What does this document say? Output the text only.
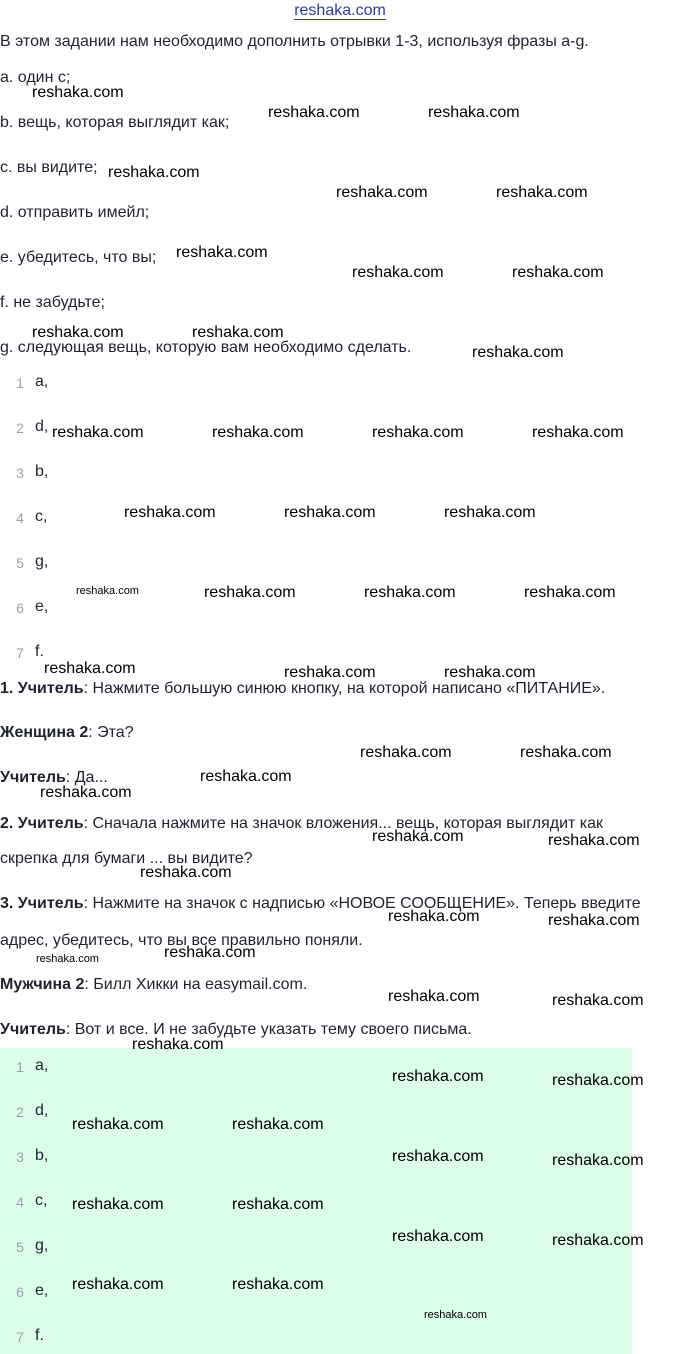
reshaka.com
В этом задании нам необходимо дополнить отрывки 1-3, используя фразы a-g.
a. один с;
b. вещь, которая выглядит как;
c. вы видите;
d. отправить имейл;
e. убедитесь, что вы;
f. не забудьте;
g. следующая вещь, которую вам необходимо сделать.
1 a,
2 d,
3 b,
4 c,
5 g,
6 e,
7 f.
1. Учитель: Нажмите большую синюю кнопку, на которой написано «ПИТАНИЕ».
Женщина 2: Эта?
Учитель: Да...
2. Учитель: Сначала нажмите на значок вложения... вещь, которая выглядит как
скрепка для бумаги ... вы видите?
3. Учитель: Нажмите на значок с надписью «НОВОЕ СООБЩЕНИЕ». Теперь введите
адрес, убедитесь, что вы все правильно поняли.
Мужчина 2: Билл Хикки на easymail.com.
Учитель: Вот и все. И не забудьте указать тему своего письма.
1 a,
2 d,
3 b,
4 c,
5 g,
6 e,
7 f.
reshaka.com
reshaka.com	reshaka.com
reshaka.com
reshaka.com	reshaka.com
reshaka.com
reshaka.com	reshaka.com
reshaka.com	reshaka.com
reshaka.com
reshaka.com	reshaka.com	reshaka.com	reshaka.com
reshaka.com	reshaka.com	reshaka.com
reshaka.com	reshaka.com	reshaka.com	reshaka.com
reshaka.com	reshaka.com	reshaka.com
reshaka.com	reshaka.com
reshaka.com
reshaka.com
reshaka.com	reshaka.com
reshaka.com
reshaka.com	reshaka.com
reshaka.com
reshaka.com
reshaka.com	reshaka.com
reshaka.com
reshaka.com	reshaka.com
reshaka.com	reshaka.com
reshaka.com	reshaka.com
reshaka.com	reshaka.com
reshaka.com	reshaka.com
reshaka.com	reshaka.com
reshaka.com
